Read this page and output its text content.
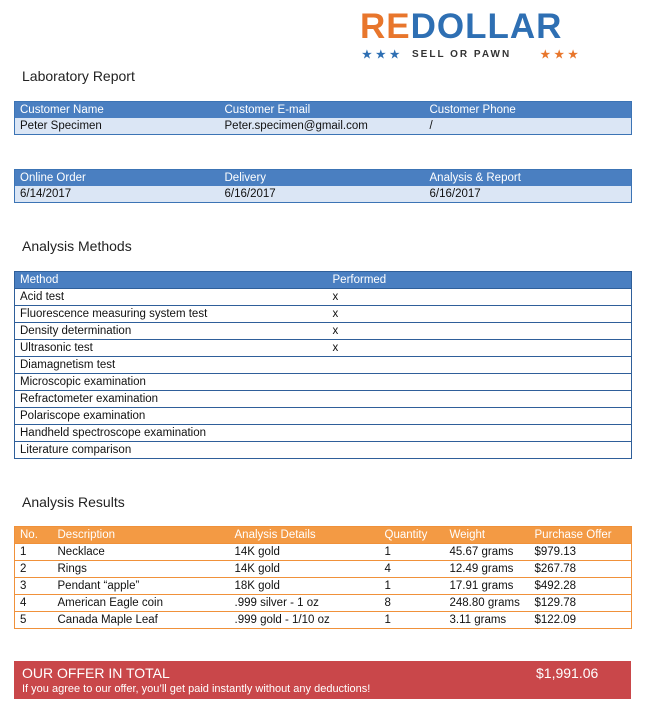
REDOLLAR
★★★ SELL OR PAWN	★★★
Laboratory Report
Customer Name	Customer E-mail	Customer Phone
Peter Specimen	Peter.specimen@gmail.com	/
Online Order	Delivery	Analysis & Report
6/14/2017	6/16/2017	6/16/2017
Analysis Methods
Method	Performed
Acid test	x
Fluorescence measuring system test	x
Density determination	x
Ultrasonic test	x
Diamagnetism test	
Microscopic examination	
Refractometer examination	
Polariscope examination	
Handheld spectroscope examination	
Literature comparison	
Analysis Results
No.	Description	Analysis Details	Quantity	Weight	Purchase Offer
1	Necklace	14K gold	1	45.67 grams	$979.13
2	Rings	14K gold	4	12.49 grams	$267.78
3	Pendant “apple”	18K gold	1	17.91 grams	$492.28
4	American Eagle coin	.999 silver - 1 oz	8	248.80 grams	$129.78
5	Canada Maple Leaf	.999 gold - 1/10 oz	1	3.11 grams	$122.09
OUR OFFER IN TOTAL	$1,991.06
If you agree to our offer, you’ll get paid instantly without any deductions!
